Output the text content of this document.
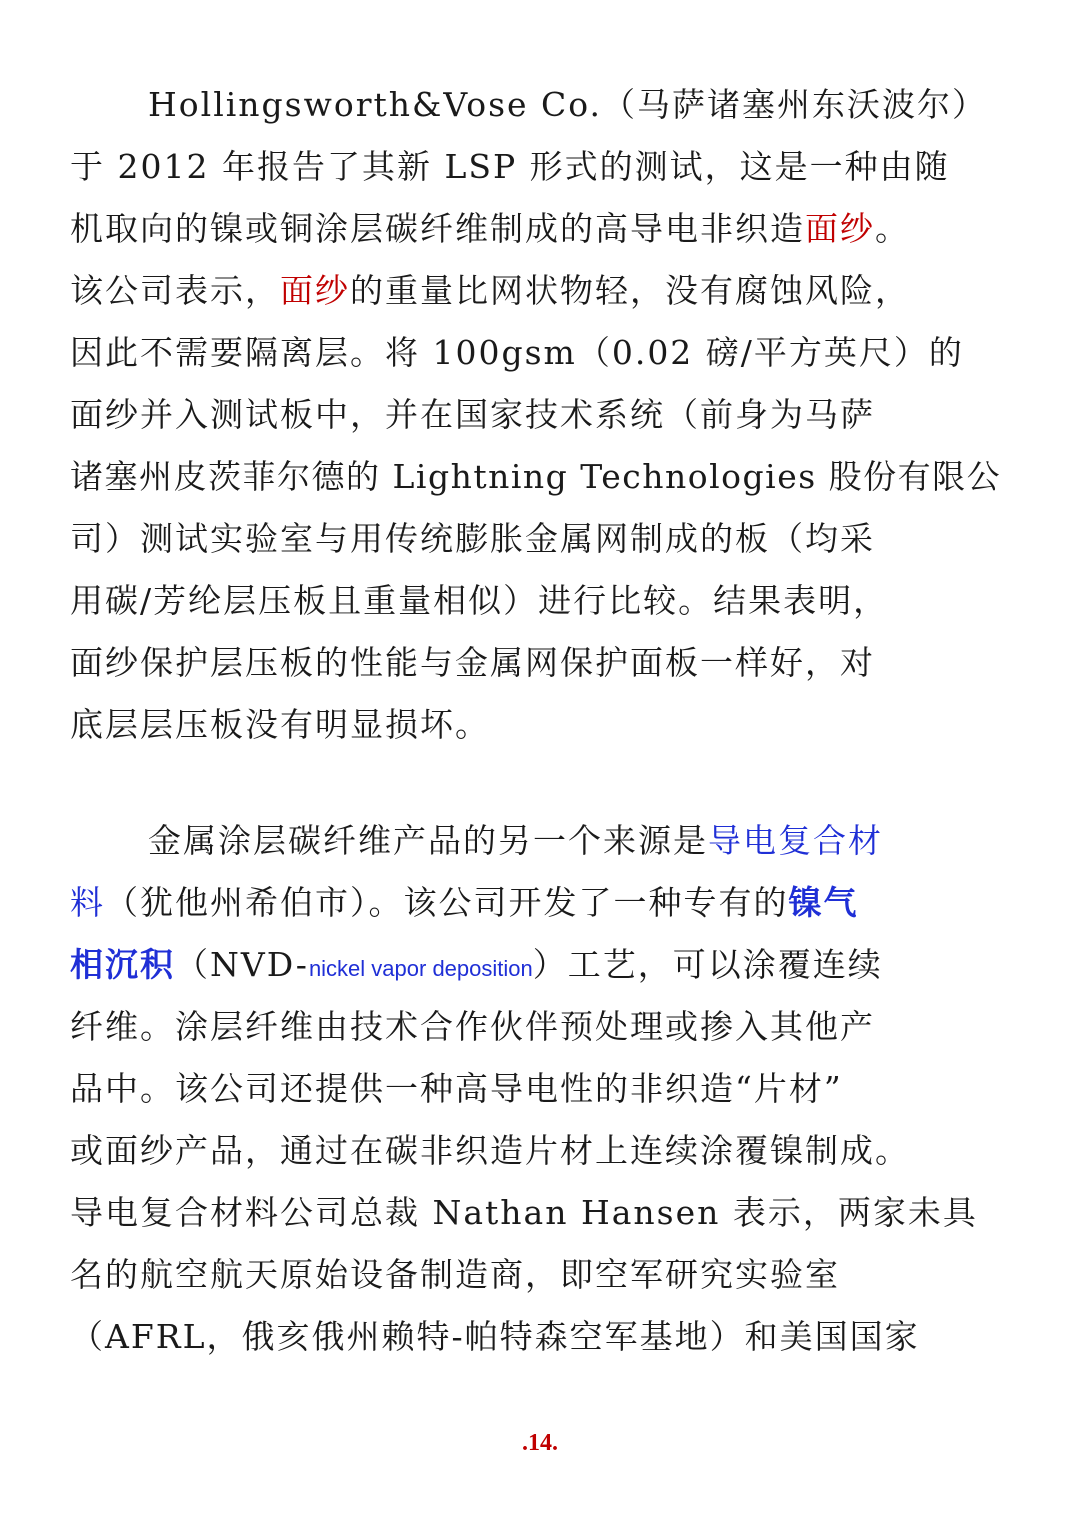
Hollingsworth&Vose Co.（马萨诸塞州东沃波尔）
于 2012 年报告了其新 LSP 形式的测试，这是一种由随
机取向的镍或铜涂层碳纤维制成的高导电非织造面纱。
该公司表示，面纱的重量比网状物轻，没有腐蚀风险，
因此不需要隔离层。将 100gsm（0.02 磅/平方英尺）的
面纱并入测试板中，并在国家技术系统（前身为马萨
诸塞州皮茨菲尔德的 Lightning Technologies 股份有限公
司）测试实验室与用传统膨胀金属网制成的板（均采
用碳/芳纶层压板且重量相似）进行比较。结果表明，
面纱保护层压板的性能与金属网保护面板一样好，对
底层层压板没有明显损坏。
金属涂层碳纤维产品的另一个来源是导电复合材
料（犹他州希伯市）。该公司开发了一种专有的镍气
相沉积（NVD-nickel vapor deposition）工艺，可以涂覆连续
纤维。涂层纤维由技术合作伙伴预处理或掺入其他产
品中。该公司还提供一种高导电性的非织造“片材”
或面纱产品，通过在碳非织造片材上连续涂覆镍制成。
导电复合材料公司总裁 Nathan Hansen 表示，两家未具
名的航空航天原始设备制造商，即空军研究实验室
（AFRL，俄亥俄州赖特-帕特森空军基地）和美国国家
.14.
